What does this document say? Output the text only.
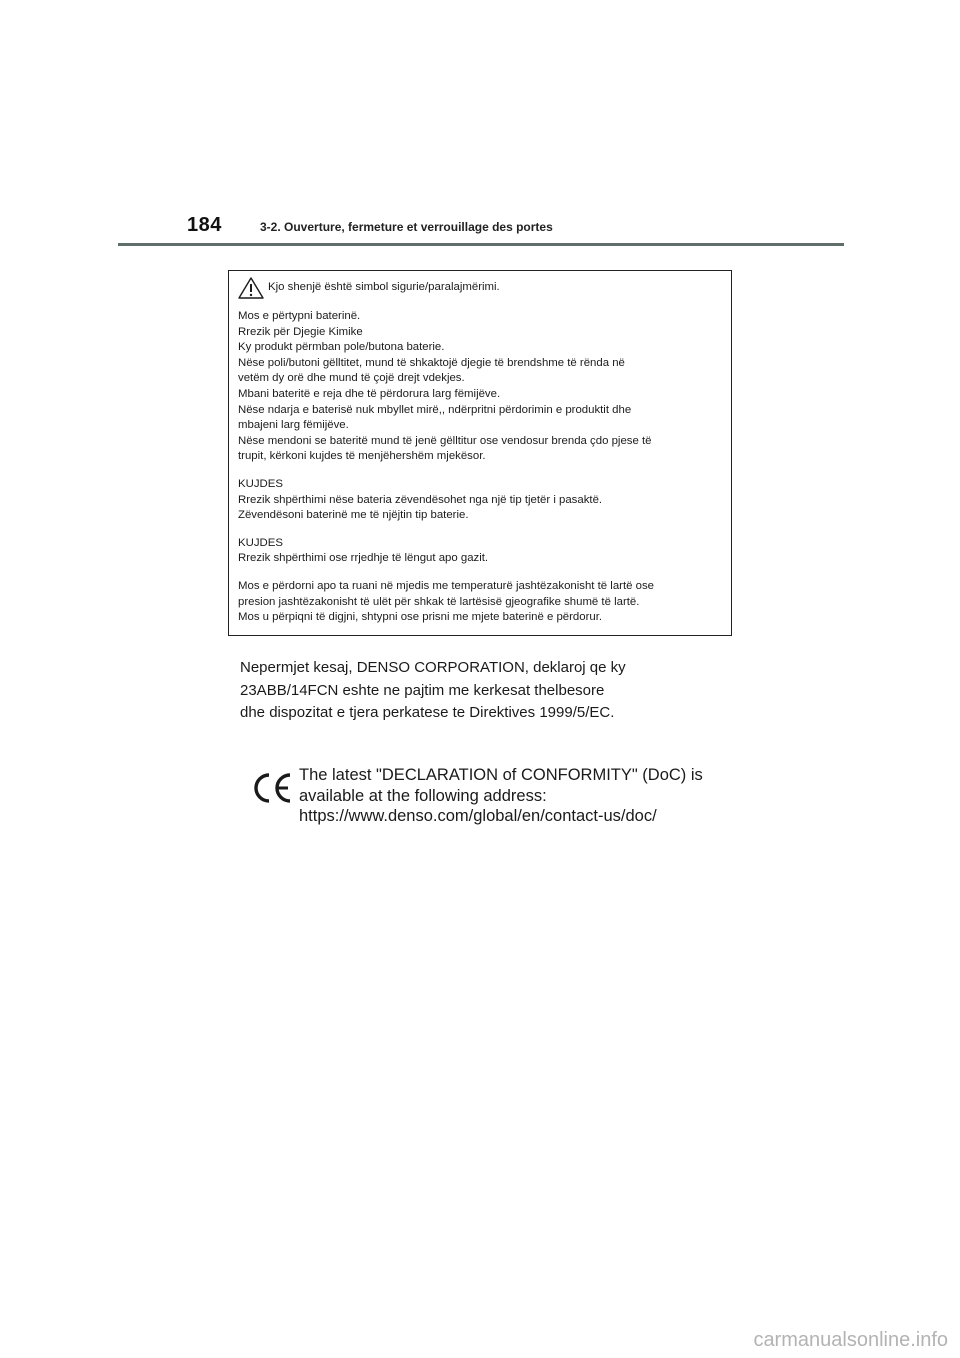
184	3-2. Ouverture, fermeture et verrouillage des portes
Kjo shenjë është simbol sigurie/paralajmërimi.
Mos e përtypni baterinë.
Rrezik për Djegie Kimike
Ky produkt përmban pole/butona baterie.
Nëse poli/butoni gëlltitet, mund të shkaktojë djegie të brendshme të rënda në
vetëm dy orë dhe mund të çojë drejt vdekjes.
Mbani bateritë e reja dhe të përdorura larg fëmijëve.
Nëse ndarja e baterisë nuk mbyllet mirë,, ndërpritni përdorimin e produktit dhe
mbajeni larg fëmijëve.
Nëse mendoni se bateritë mund të jenë gëlltitur ose vendosur brenda çdo pjese të
trupit, kërkoni kujdes të menjëhershëm mjekësor.
KUJDES
Rrezik shpërthimi nëse bateria zëvendësohet nga një tip tjetër i pasaktë.
Zëvendësoni baterinë me të njëjtin tip baterie.
KUJDES
Rrezik shpërthimi ose rrjedhje të lëngut apo gazit.
Mos e përdorni apo ta ruani në mjedis me temperaturë jashtëzakonisht të lartë ose
presion jashtëzakonisht të ulët për shkak të lartësisë gjeografike shumë të lartë.
Mos u përpiqni të digjni, shtypni ose prisni me mjete baterinë e përdorur.
Nepermjet kesaj, DENSO CORPORATION, deklaroj qe ky
23ABB/14FCN eshte ne pajtim me kerkesat thelbesore
dhe dispozitat e tjera perkatese te Direktives 1999/5/EC.
The latest "DECLARATION of CONFORMITY" (DoC) is
available at the following address:
https://www.denso.com/global/en/contact-us/doc/
carmanualsonline.info
